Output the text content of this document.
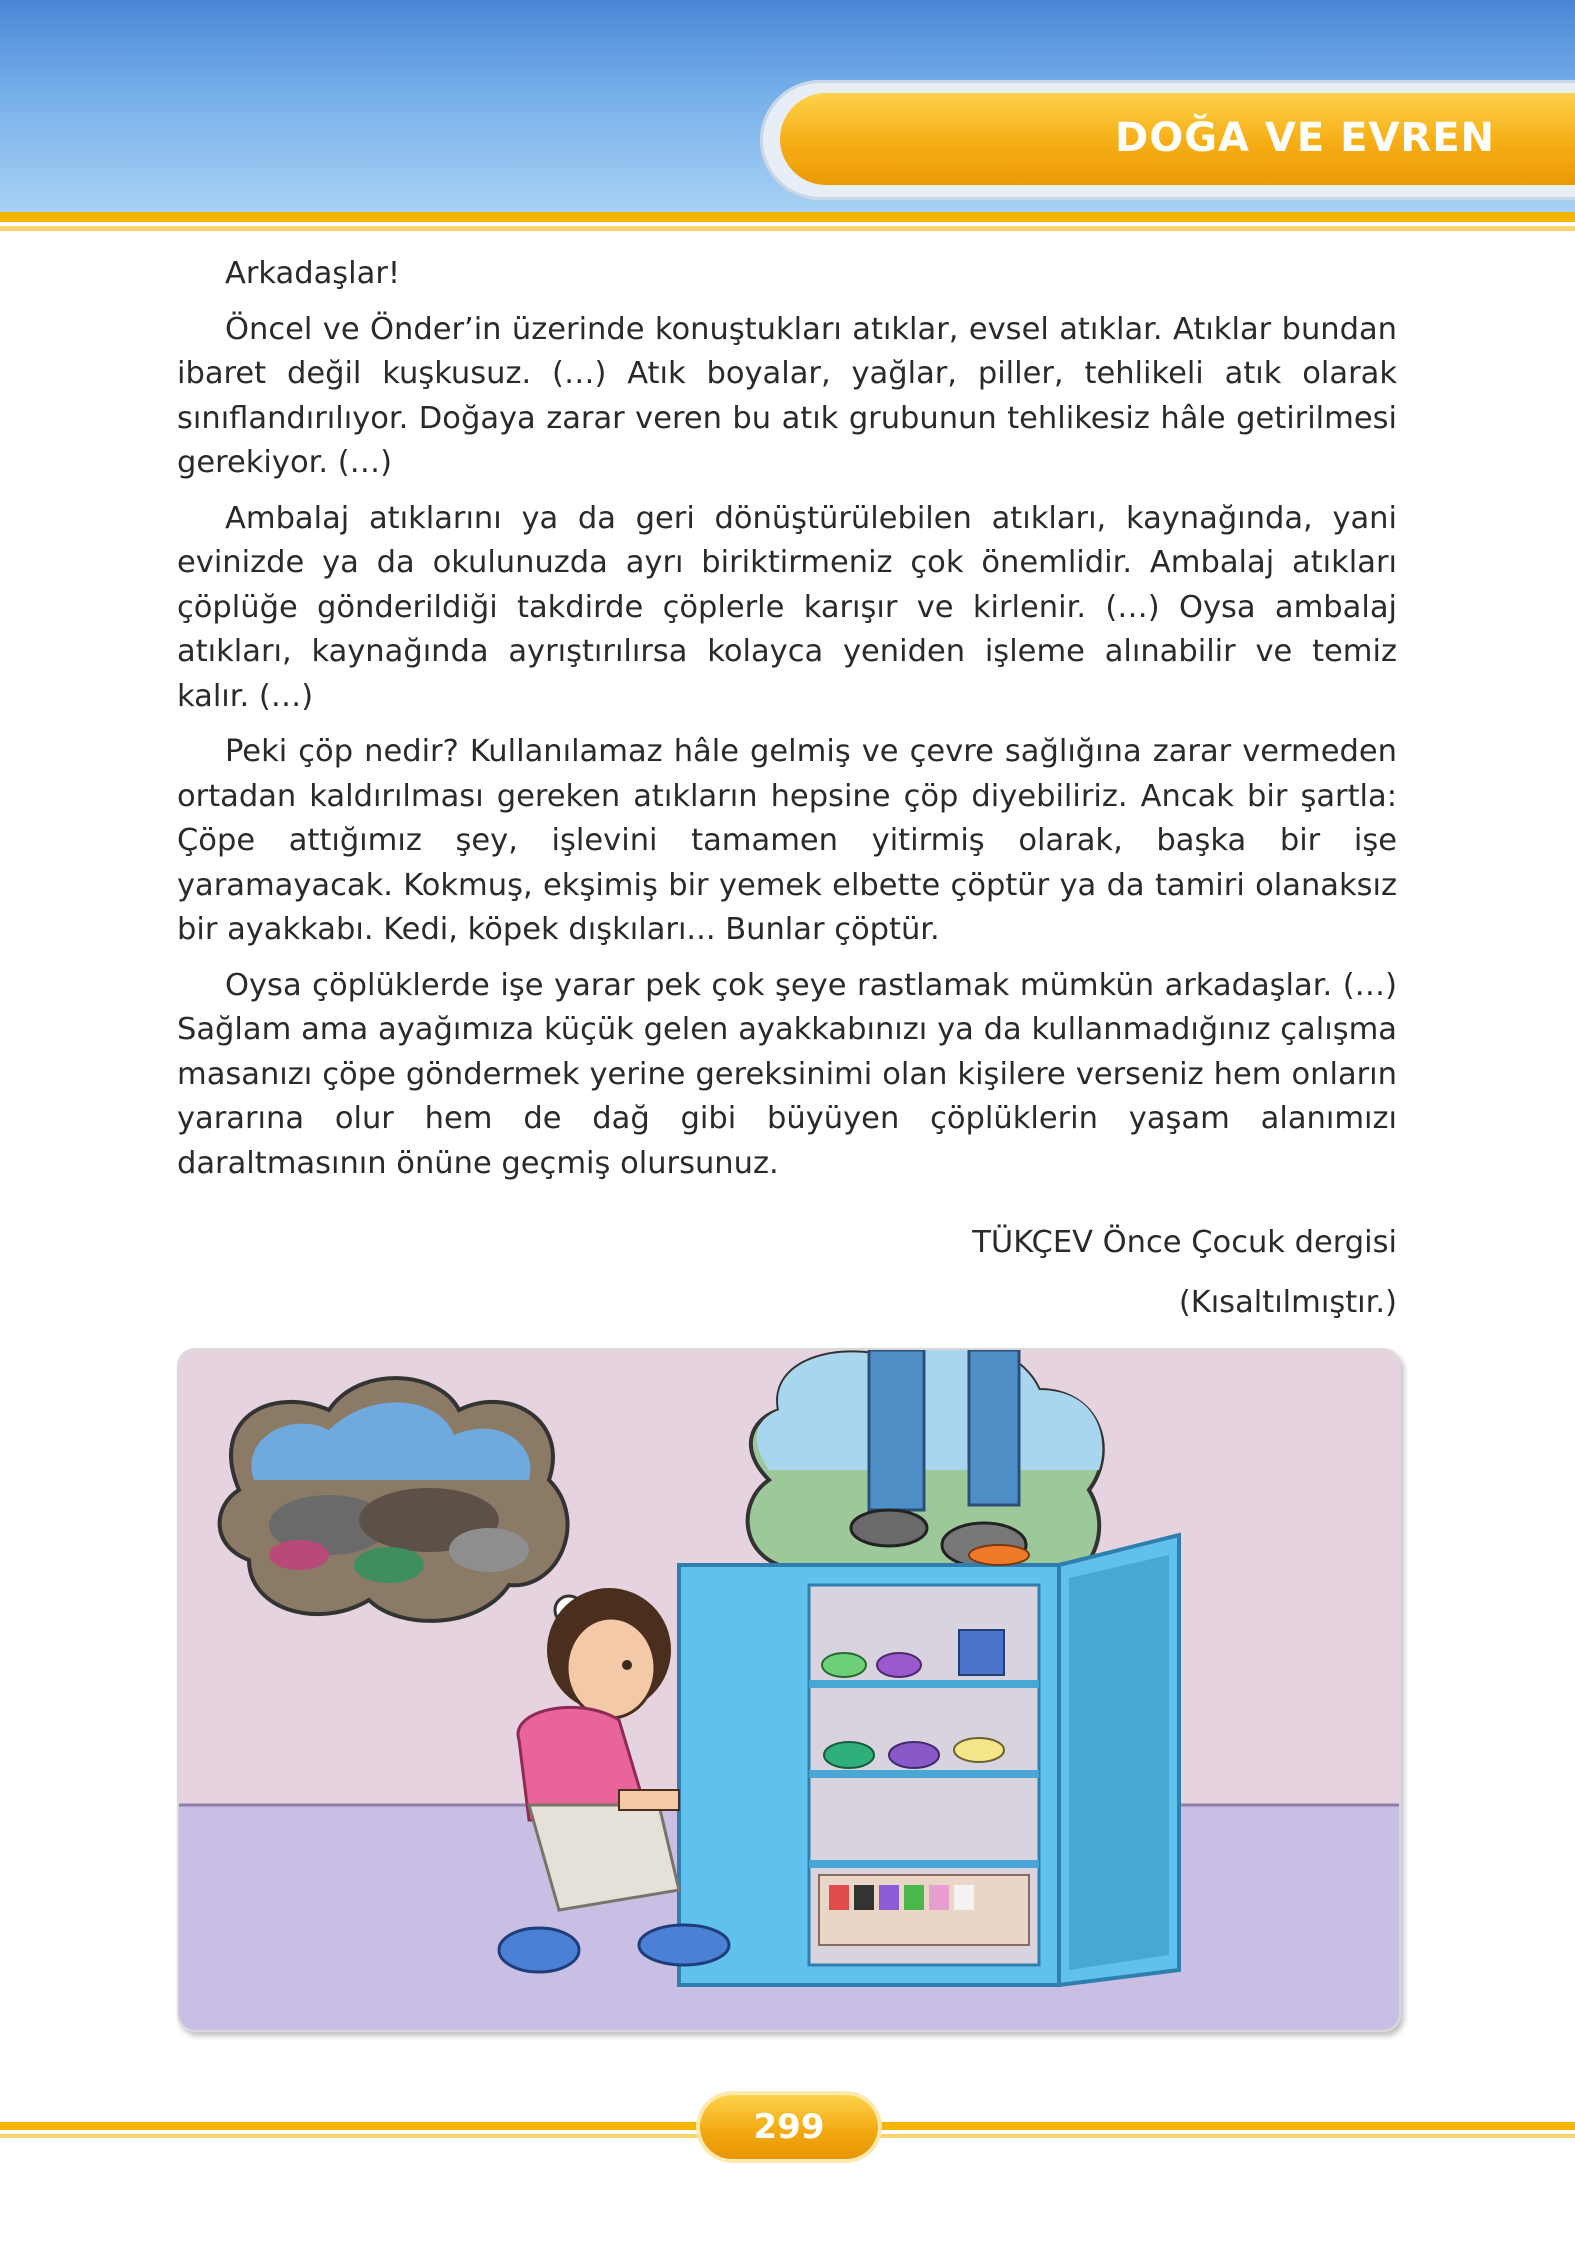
DOĞA VE EVREN

Arkadaşlar!

Öncel ve Önder’in üzerinde konuştukları atıklar, evsel atıklar. Atıklar bundan ibaret değil kuşkusuz. (…) Atık boyalar, yağlar, piller, tehlikeli atık olarak sınıflandırılıyor. Doğaya zarar veren bu atık grubunun tehlikesiz hâle getirilmesi gerekiyor. (…)

Ambalaj atıklarını ya da geri dönüştürülebilen atıkları, kaynağında, yani evinizde ya da okulunuzda ayrı biriktirmeniz çok önemlidir. Ambalaj atıkları çöplüğe gönderildiği takdirde çöplerle karışır ve kirlenir. (…) Oysa ambalaj atıkları, kaynağında ayrıştırılırsa kolayca yeniden işleme alınabilir ve temiz kalır. (…)

Peki çöp nedir? Kullanılamaz hâle gelmiş ve çevre sağlığına zarar vermeden ortadan kaldırılması gereken atıkların hepsine çöp diyebiliriz. Ancak bir şartla: Çöpe attığımız şey, işlevini tamamen yitirmiş olarak, başka bir işe yaramayacak. Kokmuş, ekşimiş bir yemek elbette çöptür ya da tamiri olanaksız bir ayakkabı. Kedi, köpek dışkıları... Bunlar çöptür.

Oysa çöplüklerde işe yarar pek çok şeye rastlamak mümkün arkadaşlar. (…) Sağlam ama ayağımıza küçük gelen ayakkabınızı ya da kullanmadığınız çalışma masanızı çöpe göndermek yerine gereksinimi olan kişilere verseniz hem onların yararına olur hem de dağ gibi büyüyen çöplüklerin yaşam alanımızı daraltmasının önüne geçmiş olursunuz.

TÜKÇEV Önce Çocuk dergisi
(Kısaltılmıştır.)
299
